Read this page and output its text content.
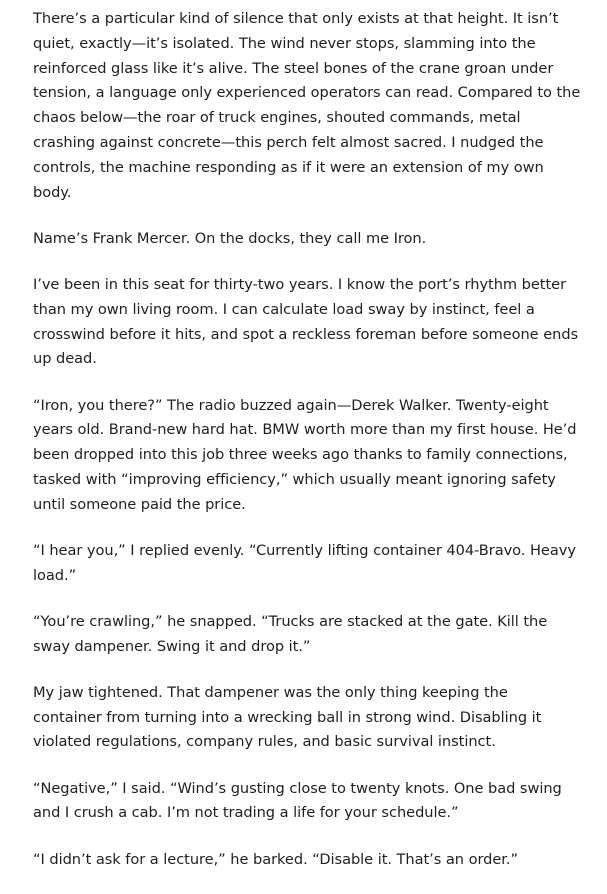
There’s a particular kind of silence that only exists at that height. It isn’t quiet, exactly—it’s isolated. The wind never stops, slamming into the reinforced glass like it’s alive. The steel bones of the crane groan under tension, a language only experienced operators can read. Compared to the chaos below—the roar of truck engines, shouted commands, metal crashing against concrete—this perch felt almost sacred. I nudged the controls, the machine responding as if it were an extension of my own body.

Name’s Frank Mercer. On the docks, they call me Iron.

I’ve been in this seat for thirty-two years. I know the port’s rhythm better than my own living room. I can calculate load sway by instinct, feel a crosswind before it hits, and spot a reckless foreman before someone ends up dead.

“Iron, you there?” The radio buzzed again—Derek Walker. Twenty-eight years old. Brand-new hard hat. BMW worth more than my first house. He’d been dropped into this job three weeks ago thanks to family connections, tasked with “improving efficiency,” which usually meant ignoring safety until someone paid the price.

“I hear you,” I replied evenly. “Currently lifting container 404-Bravo. Heavy load.”

“You’re crawling,” he snapped. “Trucks are stacked at the gate. Kill the sway dampener. Swing it and drop it.”

My jaw tightened. That dampener was the only thing keeping the container from turning into a wrecking ball in strong wind. Disabling it violated regulations, company rules, and basic survival instinct.

“Negative,” I said. “Wind’s gusting close to twenty knots. One bad swing and I crush a cab. I’m not trading a life for your schedule.”

“I didn’t ask for a lecture,” he barked. “Disable it. That’s an order.”
